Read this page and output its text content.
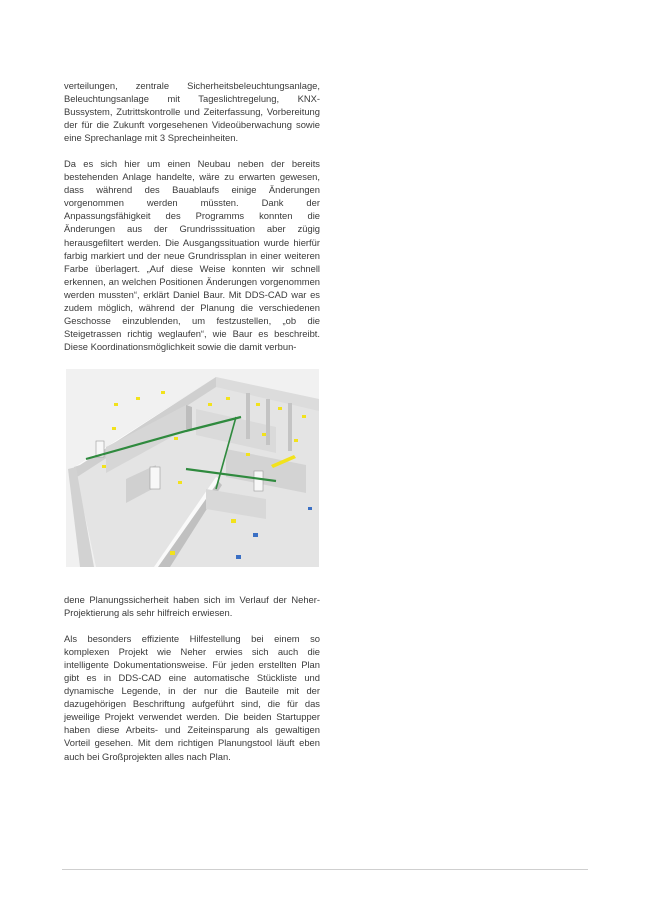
verteilungen, zentrale Sicherheitsbeleuchtungsanlage, Beleuchtungsanlage mit Tageslichtregelung, KNX-Bussystem, Zutrittskontrolle und Zeiterfassung, Vorbereitung der für die Zukunft vorgesehenen Videoüberwachung sowie eine Sprechanlage mit 3 Sprecheinheiten.

Da es sich hier um einen Neubau neben der bereits bestehenden Anlage handelte, wäre zu erwarten gewesen, dass während des Bauablaufs einige Änderungen vorgenommen werden müssten. Dank der Anpassungsfähigkeit des Programms konnten die Änderungen aus der Grundrisssituation aber zügig herausgefiltert werden. Die Ausgangssituation wurde hierfür farbig markiert und der neue Grundrissplan in einer weiteren Farbe überlagert. „Auf diese Weise konnten wir schnell erkennen, an welchen Positionen Änderungen vorgenommen werden mussten“, erklärt Daniel Baur. Mit DDS-CAD war es zudem möglich, während der Planung die verschiedenen Geschosse einzublenden, um festzustellen, „ob die Steigetrassen richtig weglaufen“, wie Baur es beschreibt. Diese Koordinationsmöglichkeit sowie die damit verbun-

dene Planungssicherheit haben sich im Verlauf der Neher-Projektierung als sehr hilfreich erwiesen.

Als besonders effiziente Hilfestellung bei einem so komplexen Projekt wie Neher erwies sich auch die intelligente Dokumentationsweise. Für jeden erstellten Plan gibt es in DDS-CAD eine automatische Stückliste und dynamische Legende, in der nur die Bauteile mit der dazugehörigen Beschriftung aufgeführt sind, die für das jeweilige Projekt verwendet werden. Die beiden Startupper haben diese Arbeits- und Zeiteinsparung als gewaltigen Vorteil gesehen. Mit dem richtigen Planungstool läuft eben auch bei Großprojekten alles nach Plan.
